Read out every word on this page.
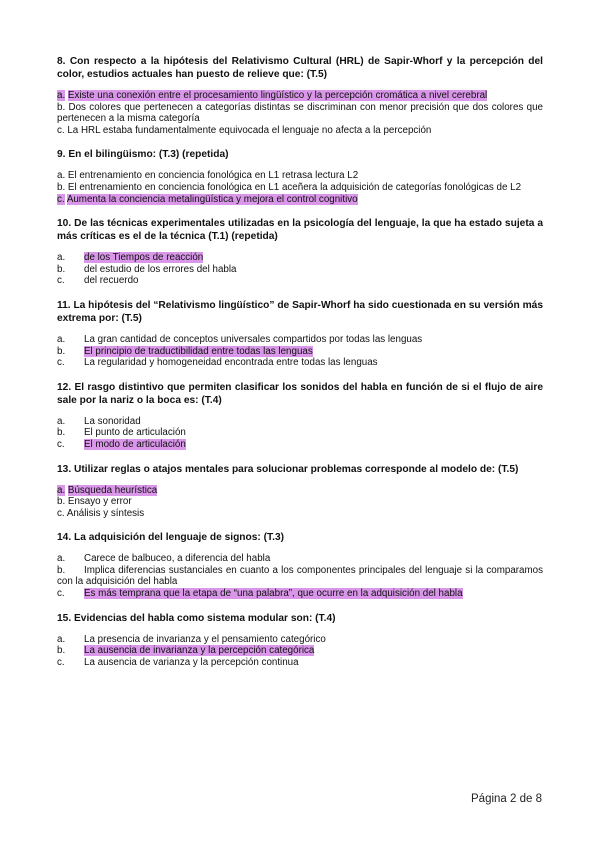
8. Con respecto a la hipótesis del Relativismo Cultural (HRL) de Sapir-Whorf y la percepción del color, estudios actuales han puesto de relieve que: (T.5)
a. Existe una conexión entre el procesamiento lingüístico y la percepción cromática a nivel cerebral
b. Dos colores que pertenecen a categorías distintas se discriminan con menor precisión que dos colores que pertenecen a la misma categoría
c. La HRL estaba fundamentalmente equivocada el lenguaje no afecta a la percepción
9. En el bilingüismo: (T.3) (repetida)
a. El entrenamiento en conciencia fonológica en L1 retrasa lectura L2
b. El entrenamiento en conciencia fonológica en L1 aceñera la adquisición de categorías fonológicas de L2
c. Aumenta la conciencia metalingüística y mejora el control cognitivo
10. De las técnicas experimentales utilizadas en la psicología del lenguaje, la que ha estado sujeta a más críticas es el de la técnica (T.1) (repetida)
a. de los Tiempos de reacción
b. del estudio de los errores del habla
c. del recuerdo
11. La hipótesis del “Relativismo lingüístico” de Sapir-Whorf ha sido cuestionada en su versión más extrema por: (T.5)
a. La gran cantidad de conceptos universales compartidos por todas las lenguas
b. El principio de traductibilidad entre todas las lenguas
c. La regularidad y homogeneidad encontrada entre todas las lenguas
12. El rasgo distintivo que permiten clasificar los sonidos del habla en función de si el flujo de aire sale por la nariz o la boca es: (T.4)
a. La sonoridad
b. El punto de articulación
c. El modo de articulación
13. Utilizar reglas o atajos mentales para solucionar problemas corresponde al modelo de: (T.5)
a. Búsqueda heurística
b. Ensayo y error
c. Análisis y síntesis
14. La adquisición del lenguaje de signos: (T.3)
a. Carece de balbuceo, a diferencia del habla
b. Implica diferencias sustanciales en cuanto a los componentes principales del lenguaje si la comparamos con la adquisición del habla
c. Es más temprana que la etapa de “una palabra”, que ocurre en la adquisición del habla
15. Evidencias del habla como sistema modular son: (T.4)
a. La presencia de invarianza y el pensamiento categórico
b. La ausencia de invarianza y la percepción categórica
c. La ausencia de varianza y la percepción continua
Página 2 de 8
